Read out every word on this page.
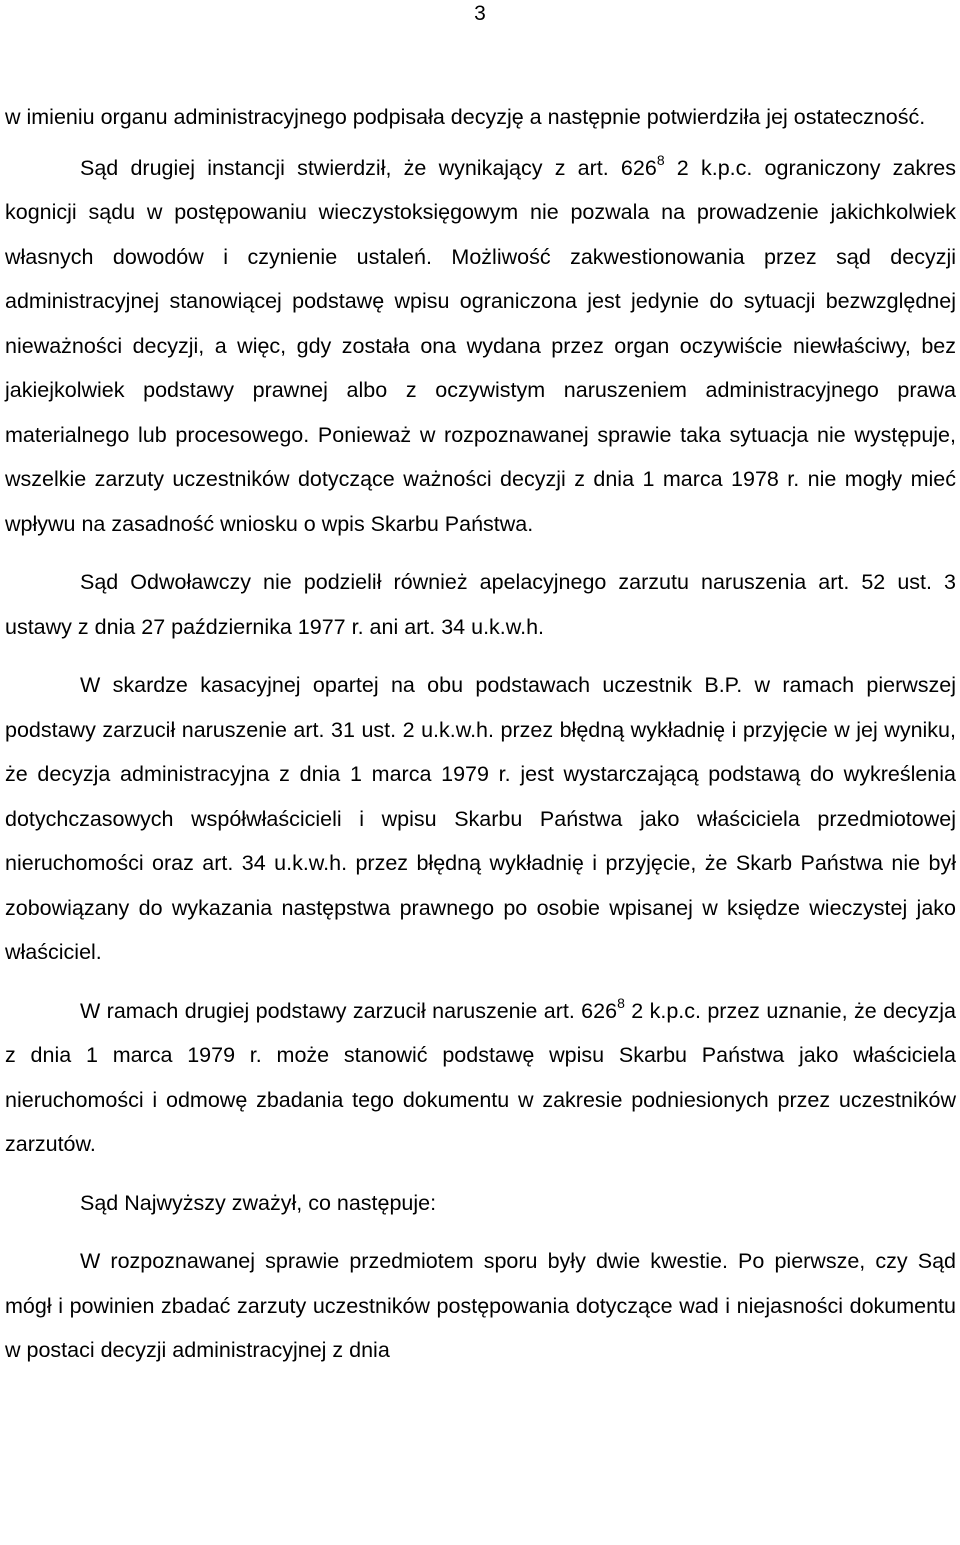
3

w imieniu organu administracyjnego podpisała decyzję a następnie potwierdziła jej ostateczność.

Sąd drugiej instancji stwierdził, że wynikający z art. $626^8$ 2 k.p.c. ograniczony zakres kognicji sądu w postępowaniu wieczystoksięgowym nie pozwala na prowadzenie jakichkolwiek własnych dowodów i czynienie ustaleń. Możliwość zakwestionowania przez sąd decyzji administracyjnej stanowiącej podstawę wpisu ograniczona jest jedynie do sytuacji bezwzględnej nieważności decyzji, a więc, gdy została ona wydana przez organ oczywiście niewłaściwy, bez jakiejkolwiek podstawy prawnej albo z oczywistym naruszeniem administracyjnego prawa materialnego lub procesowego. Ponieważ w rozpoznawanej sprawie taka sytuacja nie występuje, wszelkie zarzuty uczestników dotyczące ważności decyzji z dnia 1 marca 1978 r. nie mogły mieć wpływu na zasadność wniosku o wpis Skarbu Państwa.

Sąd Odwoławczy nie podzielił również apelacyjnego zarzutu naruszenia art. 52 ust. 3 ustawy z dnia 27 października 1977 r. ani art. 34 u.k.w.h.

W skardze kasacyjnej opartej na obu podstawach uczestnik B.P. w ramach pierwszej podstawy zarzucił naruszenie art. 31 ust. 2 u.k.w.h. przez błędną wykładnię i przyjęcie w jej wyniku, że decyzja administracyjna z dnia 1 marca 1979 r. jest wystarczającą podstawą do wykreślenia dotychczasowych współwłaścicieli i wpisu Skarbu Państwa jako właściciela przedmiotowej nieruchomości oraz art. 34 u.k.w.h. przez błędną wykładnię i przyjęcie, że Skarb Państwa nie był zobowiązany do wykazania następstwa prawnego po osobie wpisanej w księdze wieczystej jako właściciel.

W ramach drugiej podstawy zarzucił naruszenie art. $626^8$ 2 k.p.c. przez uznanie, że decyzja z dnia 1 marca 1979 r. może stanowić podstawę wpisu Skarbu Państwa jako właściciela nieruchomości i odmowę zbadania tego dokumentu w zakresie podniesionych przez uczestników zarzutów.

Sąd Najwyższy zważył, co następuje:

W rozpoznawanej sprawie przedmiotem sporu były dwie kwestie. Po pierwsze, czy Sąd mógł i powinien zbadać zarzuty uczestników postępowania dotyczące wad i niejasności dokumentu w postaci decyzji administracyjnej z dnia
